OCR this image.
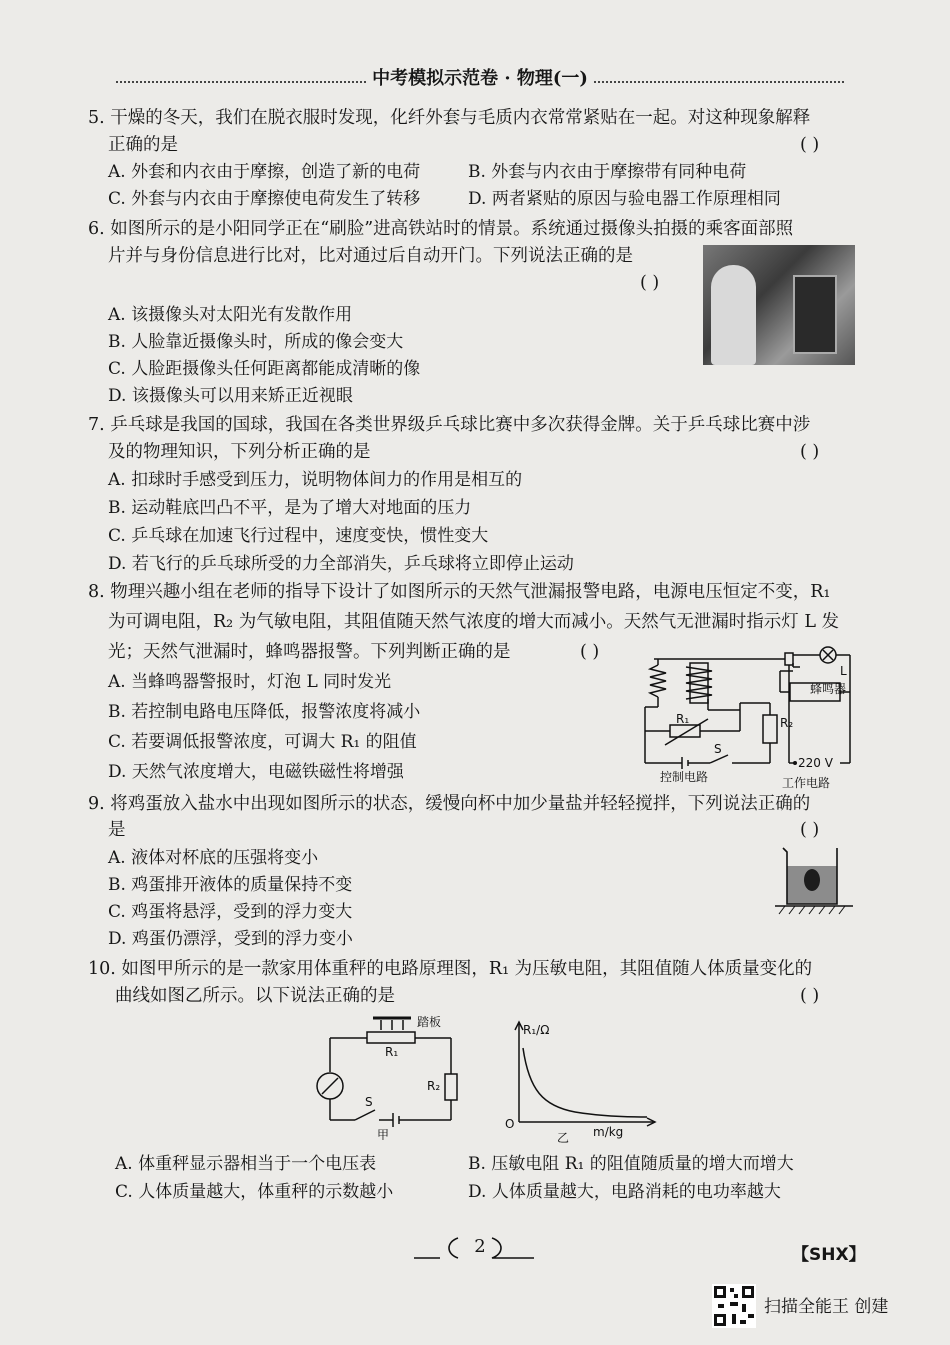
中考模拟示范卷 · 物理(一)
5. 干燥的冬天，我们在脱衣服时发现，化纤外套与毛质内衣常常紧贴在一起。对这种现象解释
正确的是	( )
A. 外套和内衣由于摩擦，创造了新的电荷	B. 外套与内衣由于摩擦带有同种电荷
C. 外套与内衣由于摩擦使电荷发生了转移	D. 两者紧贴的原因与验电器工作原理相同
6. 如图所示的是小阳同学正在“刷脸”进高铁站时的情景。系统通过摄像头拍摄的乘客面部照
片并与身份信息进行比对，比对通过后自动开门。下列说法正确的是
( )
A. 该摄像头对太阳光有发散作用
B. 人脸靠近摄像头时，所成的像会变大
C. 人脸距摄像头任何距离都能成清晰的像
D. 该摄像头可以用来矫正近视眼
7. 乒乓球是我国的国球，我国在各类世界级乒乓球比赛中多次获得金牌。关于乒乓球比赛中涉
及的物理知识，下列分析正确的是	( )
A. 扣球时手感受到压力，说明物体间力的作用是相互的
B. 运动鞋底凹凸不平，是为了增大对地面的压力
C. 乒乓球在加速飞行过程中，速度变快，惯性变大
D. 若飞行的乒乓球所受的力全部消失，乒乓球将立即停止运动
8. 物理兴趣小组在老师的指导下设计了如图所示的天然气泄漏报警电路，电源电压恒定不变，R₁
为可调电阻，R₂ 为气敏电阻，其阻值随天然气浓度的增大而减小。天然气无泄漏时指示灯 L 发
光；天然气泄漏时，蜂鸣器报警。下列判断正确的是	( )
A. 当蜂鸣器警报时，灯泡 L 同时发光
B. 若控制电路电压降低，报警浓度将减小
C. 若要调低报警浓度，可调大 R₁ 的阻值
D. 天然气浓度增大，电磁铁磁性将增强
蜂鸣器
L
R₁	R₂
S
220 V
控制电路	工作电路
9. 将鸡蛋放入盐水中出现如图所示的状态，缓慢向杯中加少量盐并轻轻搅拌，下列说法正确的
是	( )
A. 液体对杯底的压强将变小
B. 鸡蛋排开液体的质量保持不变
C. 鸡蛋将悬浮，受到的浮力变大
D. 鸡蛋仍漂浮，受到的浮力变小
10. 如图甲所示的是一款家用体重秤的电路原理图，R₁ 为压敏电阻，其阻值随人体质量变化的
曲线如图乙所示。以下说法正确的是	( )
踏板
R₁
R₂
S
甲
R₁/Ω
O
m/kg
乙
A. 体重秤显示器相当于一个电压表	B. 压敏电阻 R₁ 的阻值随质量的增大而增大
C. 人体质量越大，体重秤的示数越小	D. 人体质量越大，电路消耗的电功率越大
2	【SHX】
扫描全能王 创建
